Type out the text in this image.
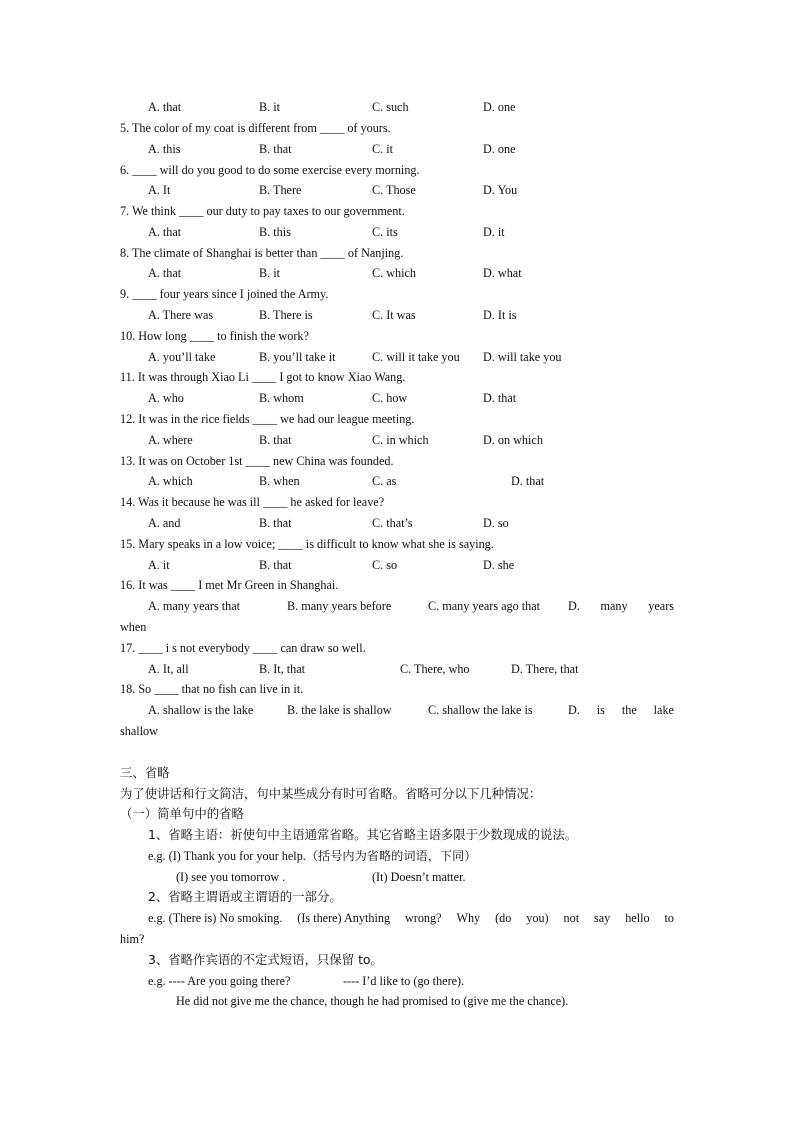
A. that	B. it	C. such	D. one
5. The color of my coat is different from ____ of yours.
A. this	B. that	C. it	D. one
6. ____ will do you good to do some exercise every morning.
A. It	B. There	C. Those	D. You
7. We think ____ our duty to pay taxes to our government.
A. that	B. this	C. its	D. it
8. The climate of Shanghai is better than ____ of Nanjing.
A. that	B. it	C. which	D. what
9. ____ four years since I joined the Army.
A. There was	B. There is	C. It was	D. It is
10. How long ____ to finish the work?
A. you’ll take	B. you’ll take it	C. will it take you D. will take you
11. It was through Xiao Li ____ I got to know Xiao Wang.
A. who	B. whom	C. how	D. that
12. It was in the rice fields ____ we had our league meeting.
A. where	B. that	C. in which	D. on which
13. It was on October 1st ____ new China was founded.
A. which	B. when	C. as	D. that
14. Was it because he was ill ____ he asked for leave?
A. and	B. that	C. that’s	D. so
15. Mary speaks in a low voice; ____ is difficult to know what she is saying.
A. it	B. that	C. so	D. she
16. It was ____ I met Mr Green in Shanghai.
A. many years that	B. many years before	C. many years ago that D. many years
when
17. ____ i s not everybody ____ can draw so well.
A. It, all	B. It, that	C. There, who	D. There, that
18. So ____ that no fish can live in it.
A. shallow is the lake	B. the lake is shallow	C. shallow the lake is	D. is the lake
shallow
三、省略
为了使讲话和行文简洁，句中某些成分有时可省略。省略可分以下几种情况：
（一）简单句中的省略
1、省略主语：祈使句中主语通常省略。其它省略主语多限于少数现成的说法。
e.g. (I) Thank you for your help.（括号内为省略的词语，下同）
(I) see you tomorrow .	(It) Doesn’t matter.
2、省略主谓语或主谓语的一部分。
e.g. (There is) No smoking. (Is there) Anything wrong? Why (do you) not say hello to
him?
3、省略作宾语的不定式短语，只保留 to。
e.g. ---- Are you going there?	---- I’d like to (go there).
He did not give me the chance, though he had promised to (give me the chance).
